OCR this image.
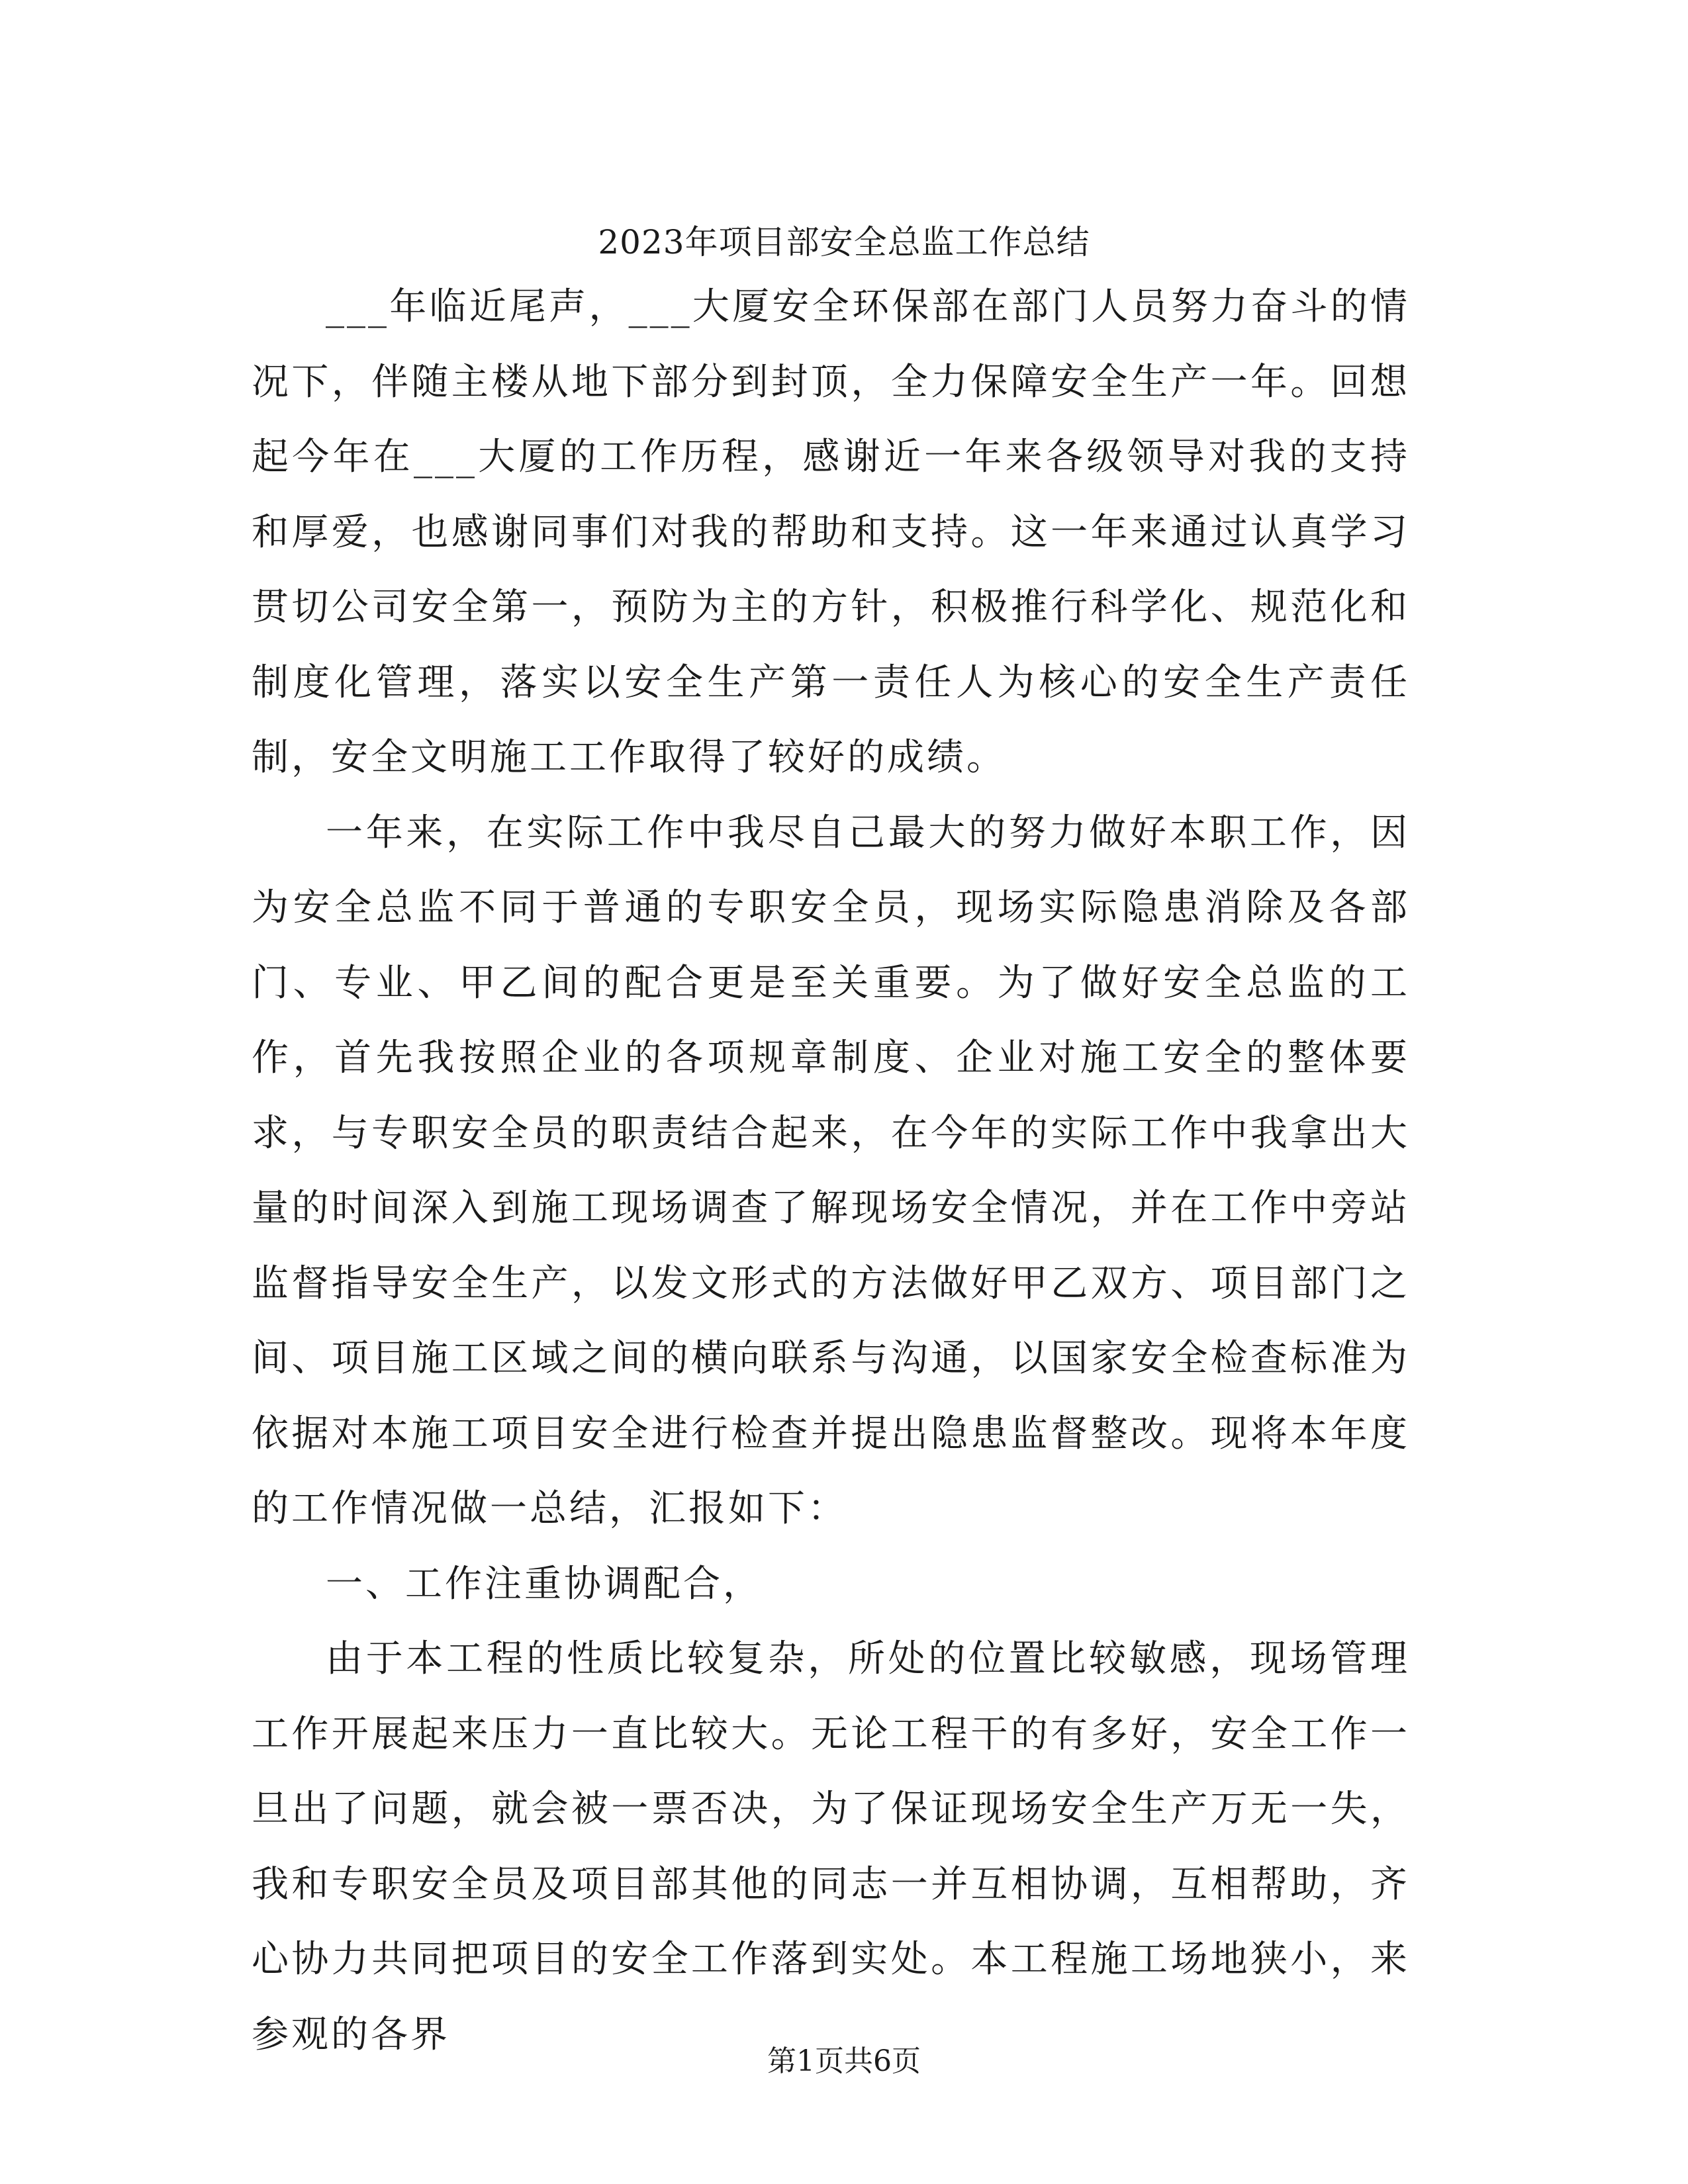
2023年项目部安全总监工作总结

___年临近尾声，___大厦安全环保部在部门人员努力奋斗的情况下，伴随主楼从地下部分到封顶，全力保障安全生产一年。回想起今年在___大厦的工作历程，感谢近一年来各级领导对我的支持和厚爱，也感谢同事们对我的帮助和支持。这一年来通过认真学习贯切公司安全第一，预防为主的方针，积极推行科学化、规范化和制度化管理，落实以安全生产第一责任人为核心的安全生产责任制，安全文明施工工作取得了较好的成绩。

一年来，在实际工作中我尽自己最大的努力做好本职工作，因为安全总监不同于普通的专职安全员，现场实际隐患消除及各部门、专业、甲乙间的配合更是至关重要。为了做好安全总监的工作，首先我按照企业的各项规章制度、企业对施工安全的整体要求，与专职安全员的职责结合起来，在今年的实际工作中我拿出大量的时间深入到施工现场调查了解现场安全情况，并在工作中旁站监督指导安全生产，以发文形式的方法做好甲乙双方、项目部门之间、项目施工区域之间的横向联系与沟通，以国家安全检查标准为依据对本施工项目安全进行检查并提出隐患监督整改。现将本年度的工作情况做一总结，汇报如下：

一、工作注重协调配合，

由于本工程的性质比较复杂，所处的位置比较敏感，现场管理工作开展起来压力一直比较大。无论工程干的有多好，安全工作一旦出了问题，就会被一票否决，为了保证现场安全生产万无一失，我和专职安全员及项目部其他的同志一并互相协调，互相帮助，齐心协力共同把项目的安全工作落到实处。本工程施工场地狭小，来参观的各界

第1页共6页
